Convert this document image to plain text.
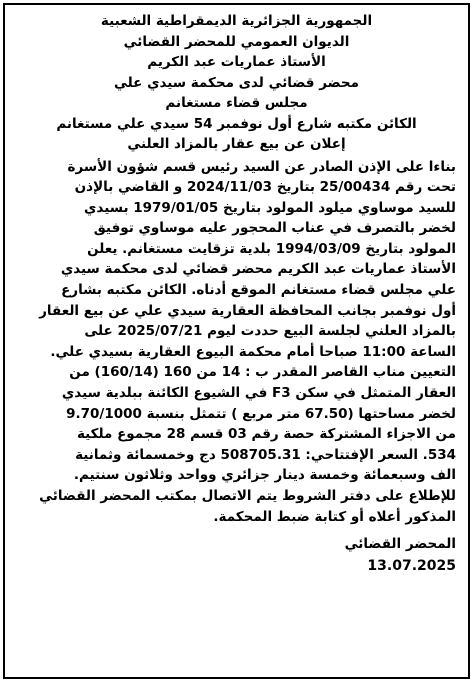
الجمهورية الجزائرية الديمقراطية الشعبية
الديوان العمومي للمحضر القضائي
الأستاذ عماريات عبد الكريم
محضر قضائي لدى محكمة سيدي علي
مجلس قضاء مستغانم
الكائن مكتبه شارع أول نوفمبر 54 سيدي علي مستغانم
إعلان عن بيع عقار بالمزاد العلني
بناءا على الإذن الصادر عن السيد رئيس قسم شؤون الأسرة
تحت رقم 25/00434 بتاريخ 2024/11/03 و القاضي بالإذن
للسيد موساوي ميلود المولود بتاريخ 1979/01/05 بسيدي
لخضر بالتصرف في عناب المحجور عليه موساوي توفيق
المولود بتاريخ 1994/03/09 بلدية تزقايت مستغانم. يعلن
الأستاذ عماريات عبد الكريم محضر قضائي لدى محكمة سيدي
علي مجلس قضاء مستغانم الموقع أدناه. الكائن مكتبه بشارع
أول نوفمبر بجانب المحافظة العقارية سيدي علي عن بيع العقار
بالمزاد العلني لجلسة البيع حددت ليوم 2025/07/21 على
الساعة 11:00 صباحا أمام محكمة البيوع العقارية بسيدي علي.
التعيين مناب القاصر المقدر ب : 14 من 160 (160/14) من
العقار المتمثل في سكن F3 في الشيوع الكائنة ببلدية سيدي
لخضر مساحتها (67.50 متر مربع ) تتمثل بنسبة 9.70/1000
من الاجزاء المشتركة حصة رقم 03 قسم 28 مجموع ملكية
534. السعر الإفتتاحي: 508705.31 دج وخمسمائة وثمانية
الف وسبعمائة وخمسة دينار جزائري وواحد وثلاثون سنتيم.
للإطلاع على دفتر الشروط يتم الاتصال بمكتب المحضر القضائي
المذكور أعلاه أو كتابة ضبط المحكمة.
المحضر القضائي
13.07.2025
